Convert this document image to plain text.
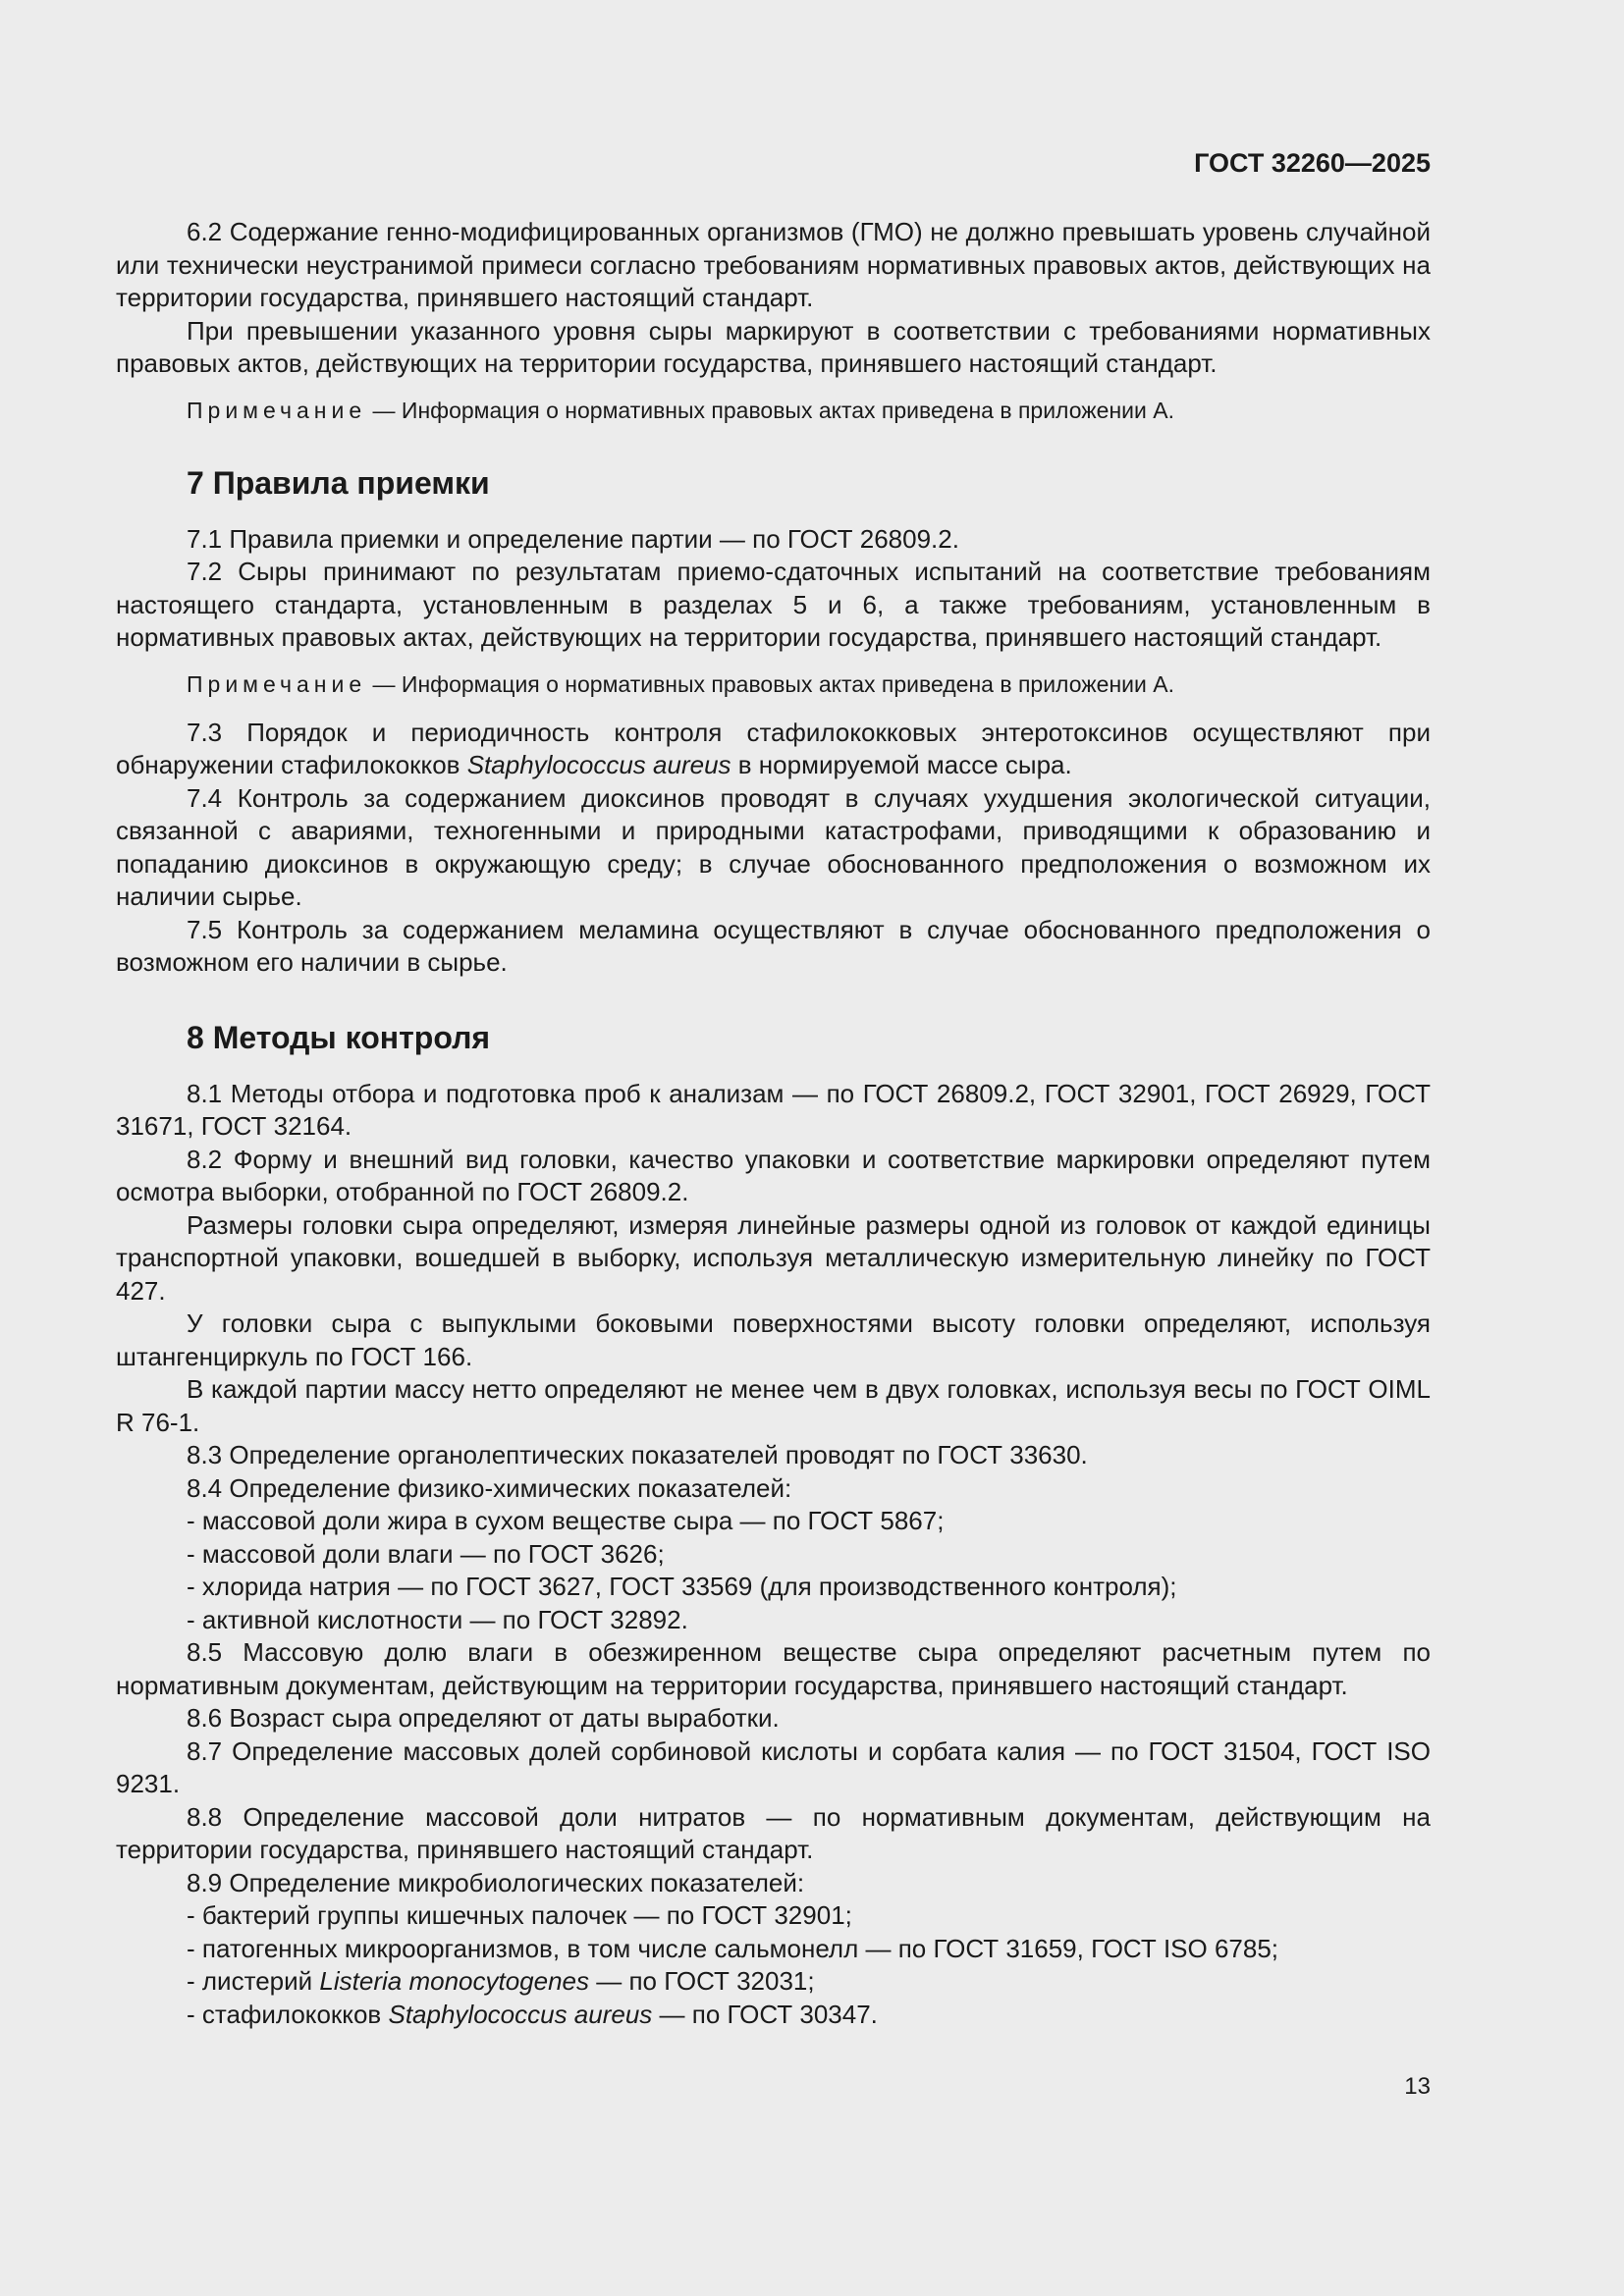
ГОСТ 32260—2025

6.2 Содержание генно-модифицированных организмов (ГМО) не должно превышать уровень случайной или технически неустранимой примеси согласно требованиям нормативных правовых актов, действующих на территории государства, принявшего настоящий стандарт.

При превышении указанного уровня сыры маркируют в соответствии с требованиями нормативных правовых актов, действующих на территории государства, принявшего настоящий стандарт.

Примечание — Информация о нормативных правовых актах приведена в приложении А.

7 Правила приемки

7.1 Правила приемки и определение партии — по ГОСТ 26809.2.

7.2 Сыры принимают по результатам приемо-сдаточных испытаний на соответствие требованиям настоящего стандарта, установленным в разделах 5 и 6, а также требованиям, установленным в нормативных правовых актах, действующих на территории государства, принявшего настоящий стандарт.

Примечание — Информация о нормативных правовых актах приведена в приложении А.

7.3 Порядок и периодичность контроля стафилококковых энтеротоксинов осуществляют при обнаружении стафилококков Staphylococcus aureus в нормируемой массе сыра.

7.4 Контроль за содержанием диоксинов проводят в случаях ухудшения экологической ситуации, связанной с авариями, техногенными и природными катастрофами, приводящими к образованию и попаданию диоксинов в окружающую среду; в случае обоснованного предположения о возможном их наличии сырье.

7.5 Контроль за содержанием меламина осуществляют в случае обоснованного предположения о возможном его наличии в сырье.

8 Методы контроля

8.1 Методы отбора и подготовка проб к анализам — по ГОСТ 26809.2, ГОСТ 32901, ГОСТ 26929, ГОСТ 31671, ГОСТ 32164.

8.2 Форму и внешний вид головки, качество упаковки и соответствие маркировки определяют путем осмотра выборки, отобранной по ГОСТ 26809.2.

Размеры головки сыра определяют, измеряя линейные размеры одной из головок от каждой единицы транспортной упаковки, вошедшей в выборку, используя металлическую измерительную линейку по ГОСТ 427.

У головки сыра с выпуклыми боковыми поверхностями высоту головки определяют, используя штангенциркуль по ГОСТ 166.

В каждой партии массу нетто определяют не менее чем в двух головках, используя весы по ГОСТ OIML R 76-1.

8.3 Определение органолептических показателей проводят по ГОСТ 33630.

8.4 Определение физико-химических показателей:

- массовой доли жира в сухом веществе сыра — по ГОСТ 5867;
- массовой доли влаги — по ГОСТ 3626;
- хлорида натрия — по ГОСТ 3627, ГОСТ 33569 (для производственного контроля);
- активной кислотности — по ГОСТ 32892.

8.5 Массовую долю влаги в обезжиренном веществе сыра определяют расчетным путем по нормативным документам, действующим на территории государства, принявшего настоящий стандарт.

8.6 Возраст сыра определяют от даты выработки.

8.7 Определение массовых долей сорбиновой кислоты и сорбата калия — по ГОСТ 31504, ГОСТ ISO 9231.

8.8 Определение массовой доли нитратов — по нормативным документам, действующим на территории государства, принявшего настоящий стандарт.

8.9 Определение микробиологических показателей:

- бактерий группы кишечных палочек — по ГОСТ 32901;
- патогенных микроорганизмов, в том числе сальмонелл — по ГОСТ 31659, ГОСТ ISO 6785;
- листерий Listeria monocytogenes — по ГОСТ 32031;
- стафилококков Staphylococcus aureus — по ГОСТ 30347.
13
